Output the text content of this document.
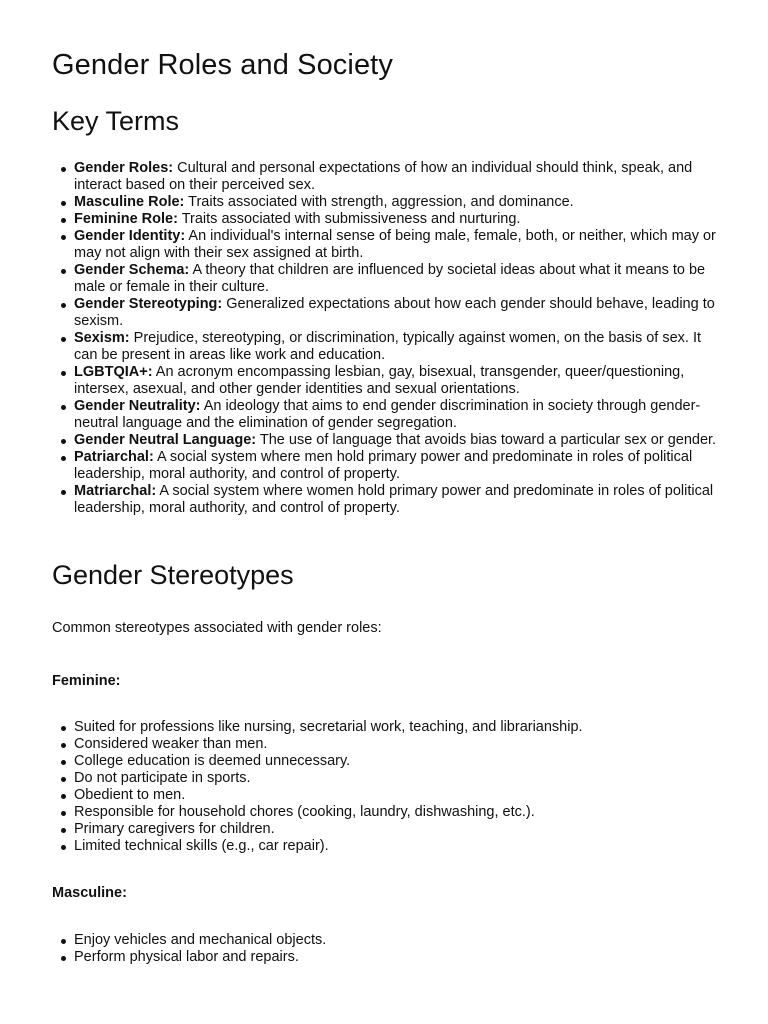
Gender Roles and Society
Key Terms
Gender Roles: Cultural and personal expectations of how an individual should think, speak, and interact based on their perceived sex.
Masculine Role: Traits associated with strength, aggression, and dominance.
Feminine Role: Traits associated with submissiveness and nurturing.
Gender Identity: An individual's internal sense of being male, female, both, or neither, which may or may not align with their sex assigned at birth.
Gender Schema: A theory that children are influenced by societal ideas about what it means to be male or female in their culture.
Gender Stereotyping: Generalized expectations about how each gender should behave, leading to sexism.
Sexism: Prejudice, stereotyping, or discrimination, typically against women, on the basis of sex. It can be present in areas like work and education.
LGBTQIA+: An acronym encompassing lesbian, gay, bisexual, transgender, queer/questioning, intersex, asexual, and other gender identities and sexual orientations.
Gender Neutrality: An ideology that aims to end gender discrimination in society through gender-neutral language and the elimination of gender segregation.
Gender Neutral Language: The use of language that avoids bias toward a particular sex or gender.
Patriarchal: A social system where men hold primary power and predominate in roles of political leadership, moral authority, and control of property.
Matriarchal: A social system where women hold primary power and predominate in roles of political leadership, moral authority, and control of property.
Gender Stereotypes

Common stereotypes associated with gender roles:

Feminine:

Suited for professions like nursing, secretarial work, teaching, and librarianship.
Considered weaker than men.
College education is deemed unnecessary.
Do not participate in sports.
Obedient to men.
Responsible for household chores (cooking, laundry, dishwashing, etc.).
Primary caregivers for children.
Limited technical skills (e.g., car repair).

Masculine:

Enjoy vehicles and mechanical objects.
Perform physical labor and repairs.
